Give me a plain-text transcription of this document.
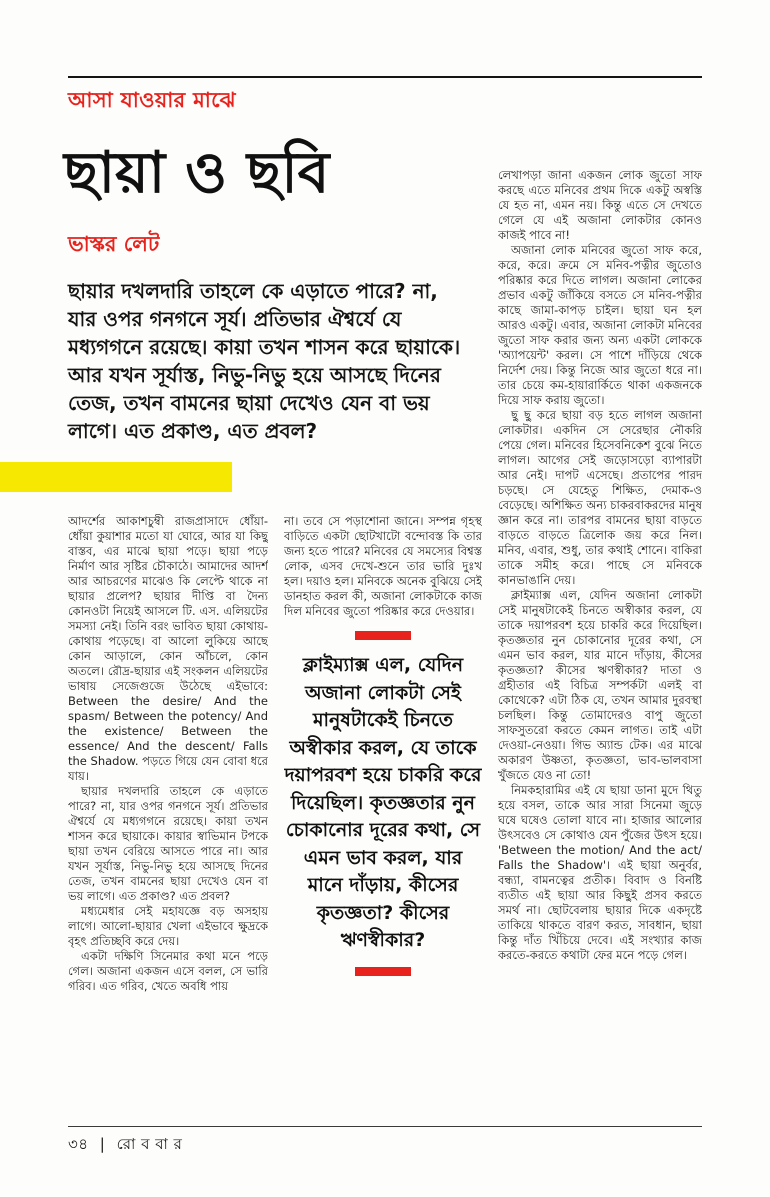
আসা যাওয়ার মাঝে
ছায়া ও ছবি
ভাস্কর লেট
ছায়ার দখলদারি তাহলে কে এড়াতে পারে? না, যার ওপর গনগনে সূর্য। প্রতিভার ঐশ্বর্যে যে মধ্যগগনে রয়েছে। কায়া তখন শাসন করে ছায়াকে। আর যখন সূর্যাস্ত, নিভু-নিভু হয়ে আসছে দিনের তেজ, তখন বামনের ছায়া দেখেও যেন বা ভয় লাগে। এত প্রকাণ্ড, এত প্রবল?

আদর্শের আকাশচুম্বী রাজপ্রাসাদে ধোঁয়া-ধোঁয়া কুয়াশার মতো যা ঘোরে, আর যা কিছু বাস্তব, এর মাঝে ছায়া পড়ে। ছায়া পড়ে নির্মাণ আর সৃষ্টির চৌকাঠে। আমাদের আদর্শ আর আচরণের মাঝেও কি লেপ্টে থাকে না ছায়ার প্রলেপ? ছায়ার দীপ্তি বা দৈন্য কোনওটা নিয়েই আসলে টি. এস. এলিয়টের সমস্যা নেই। তিনি বরং ভাবিত ছায়া কোথায়-কোথায় পড়েছে। বা আলো লুকিয়ে আছে কোন আড়ালে, কোন আঁচলে, কোন অতলে। রৌদ্র-ছায়ার এই সংকলন এলিয়টের ভাষায় সেজেগুজে উঠেছে এইভাবে: Between the desire/ And the spasm/ Between the potency/ And the existence/ Between the essence/ And the descent/ Falls the Shadow. পড়তে গিয়ে যেন বোবা ধরে যায়।

ছায়ার দখলদারি তাহলে কে এড়াতে পারে? না, যার ওপর গনগনে সূর্য। প্রতিভার ঐশ্বর্যে যে মধ্যগগনে রয়েছে। কায়া তখন শাসন করে ছায়াকে। কায়ার স্বাভিমান টপকে ছায়া তখন বেরিয়ে আসতে পারে না। আর যখন সূর্যাস্ত, নিভু-নিভু হয়ে আসছে দিনের তেজ, তখন বামনের ছায়া দেখেও যেন বা ভয় লাগে। এত প্রকাণ্ড? এত প্রবল?

মধ্যমেধার সেই মহাযজ্ঞে বড় অসহায় লাগে। আলো-ছায়ার খেলা এইভাবে ক্ষুদ্রকে বৃহৎ প্রতিচ্ছবি করে দেয়।

একটা দক্ষিণি সিনেমার কথা মনে পড়ে গেল। অজানা একজন এসে বলল, সে ভারি গরিব। এত গরিব, খেতে অবধি পায়

না। তবে সে পড়াশোনা জানে। সম্পন্ন গৃহস্থ বাড়িতে একটা ছোটখাটো বন্দোবস্ত কি তার জন্য হতে পারে? মনিবের যে সমস্যের বিশ্বস্ত লোক, এসব দেখে-শুনে তার ভারি দুঃখ হল। দয়াও হল। মনিবকে অনেক বুঝিয়ে সেই ডানহাত করল কী, অজানা লোকটাকে কাজ দিল মনিবের জুতো পরিষ্কার করে দেওয়ার।

ক্লাইম্যাক্স এল, যেদিন অজানা লোকটা সেই মানুষটাকেই চিনতে অস্বীকার করল, যে তাকে দয়াপরবশ হয়ে চাকরি করে দিয়েছিল। কৃতজ্ঞতার নুন চোকানোর দূরের কথা, সে এমন ভাব করল, যার মানে দাঁড়ায়, কীসের কৃতজ্ঞতা? কীসের ঋণস্বীকার?

লেখাপড়া জানা একজন লোক জুতো সাফ করছে এতে মনিবের প্রথম দিকে একটু অস্বস্তি যে হত না, এমন নয়। কিন্তু এতে সে দেখতে গেলে যে এই অজানা লোকটার কোনও কাজই পাবে না!

অজানা লোক মনিবের জুতো সাফ করে, করে, করে। ক্রমে সে মনিব-পত্নীর জুতোও পরিষ্কার করে দিতে লাগল। অজানা লোকের প্রভাব একটু জাঁকিয়ে বসতে সে মনিব-পত্নীর কাছে জামা-কাপড় চাইল। ছায়া ঘন হল আরও একটু। এবার, অজানা লোকটা মনিবের জুতো সাফ করার জন্য অন্য একটা লোককে 'অ্যাপয়েন্ট' করল। সে পাশে দাঁড়িয়ে থেকে নির্দেশ দেয়। কিন্তু নিজে আর জুতো ধরে না। তার চেয়ে কম-হায়ারার্কিতে থাকা একজনকে দিয়ে সাফ করায় জুতো।

ছু ছু করে ছায়া বড় হতে লাগল অজানা লোকটার। একদিন সে সেরেছার নৌকরি পেয়ে গেল। মনিবের হিসেবনিকেশ বুঝে নিতে লাগল। আগের সেই জড়োসড়ো ব্যাপারটা আর নেই। দাপট এসেছে। প্রতাপের পারদ চড়ছে। সে যেহেতু শিক্ষিত, দেমাক-ও বেড়েছে। অশিক্ষিত অন্য চাকরবাকরদের মানুষ জ্ঞান করে না। তারপর বামনের ছায়া বাড়তে বাড়তে বাড়তে ত্রিলোক জয় করে নিল। মনিব, এবার, শুধু, তার কথাই শোনে। বাকিরা তাকে সমীহ করে। পাছে সে মনিবকে কানভাঙানি দেয়।

ক্লাইম্যাক্স এল, যেদিন অজানা লোকটা সেই মানুষটাকেই চিনতে অস্বীকার করল, যে তাকে দয়াপরবশ হয়ে চাকরি করে দিয়েছিল। কৃতজ্ঞতার নুন চোকানোর দূরের কথা, সে এমন ভাব করল, যার মানে দাঁড়ায়, কীসের কৃতজ্ঞতা? কীসের ঋণস্বীকার? দাতা ও গ্রহীতার এই বিচিত্র সম্পর্কটা এলই বা কোথেকে? এটা ঠিক যে, তখন আমার দুরবস্থা চলছিল। কিন্তু তোমাদেরও বাপু জুতো সাফসুতরো করতে কেমন লাগত। তাই এটা দেওয়া-নেওয়া। গিভ অ্যান্ড টেক। এর মাঝে অকারণ উষ্ণতা, কৃতজ্ঞতা, ভাব-ভালবাসা খুঁজতে যেও না তো!

নিমকহারামির এই যে ছায়া ডানা মুদে থিতু হয়ে বসল, তাকে আর সারা সিনেমা জুড়ে ঘষে ঘষেও তোলা যাবে না। হাজার আলোর উৎসবেও সে কোথাও যেন পুঁজের উৎস হয়ে। 'Between the motion/ And the act/ Falls the Shadow'। এই ছায়া অনুর্বর, বন্ধ্যা, বামনত্বের প্রতীক। বিবাদ ও বিনষ্টি ব্যতীত এই ছায়া আর কিছুই প্রসব করতে সমর্থ না। ছোটবেলায় ছায়ার দিকে একদৃষ্টে তাকিয়ে থাকতে বারণ করত, সাবধান, ছায়া কিন্তু দাঁত খিঁচিয়ে দেবে। এই সংখ্যার কাজ করতে-করতে কথাটা ফের মনে পড়ে গেল।

৩৪ | রো ব বা র
